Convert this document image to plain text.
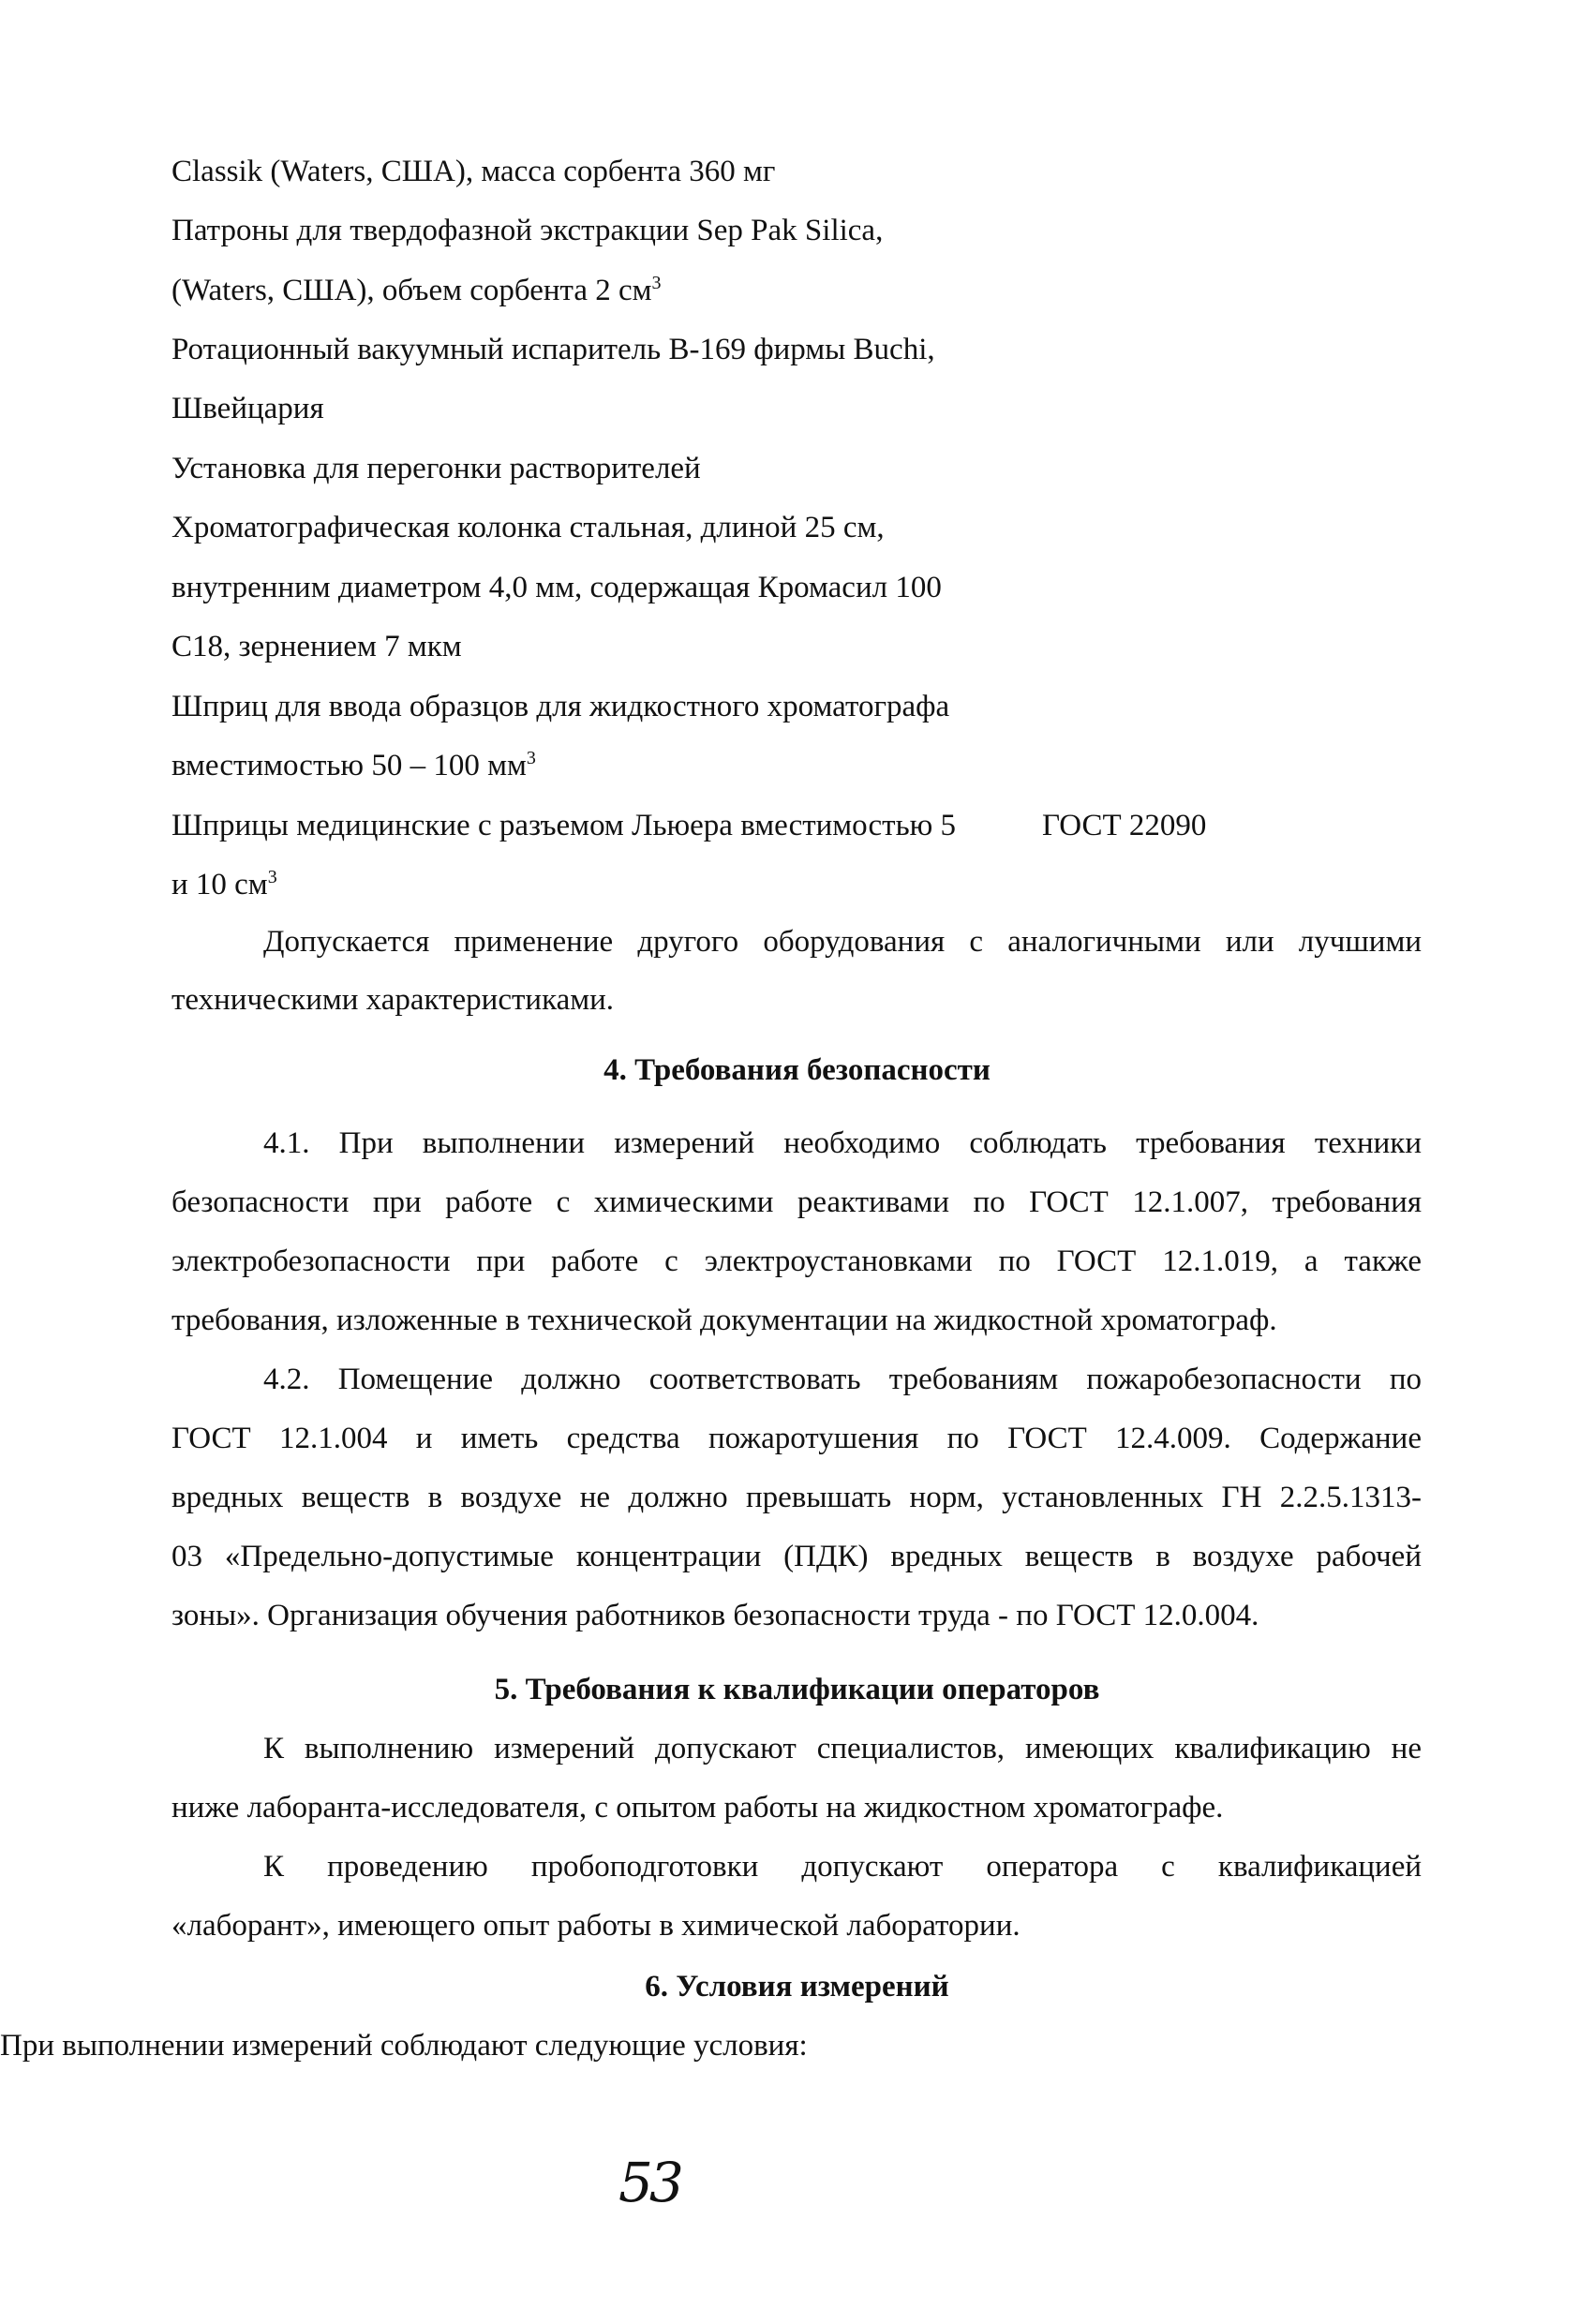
Classik (Waters, США), масса сорбента 360 мг
Патроны для твердофазной экстракции Sep Pak Silica,
(Waters, США), объем сорбента 2 $см^3$
Ротационный вакуумный испаритель В-169 фирмы Buchi,
Швейцария
Установка для перегонки растворителей
Хроматографическая колонка стальная, длиной 25 см,
внутренним диаметром 4,0 мм, содержащая Кромасил 100
С18, зернением 7 мкм
Шприц для ввода образцов для жидкостного хроматографа
вместимостью 50 – 100 $мм^3$
Шприцы медицинские с разъемом Льюера вместимостью 5	ГОСТ 22090
и 10 $см^3$
Допускается применение другого оборудования с аналогичными или лучшими
техническими характеристиками.
4. Требования безопасности
4.1. При выполнении измерений необходимо соблюдать требования техники
безопасности при работе с химическими реактивами по ГОСТ 12.1.007, требования
электробезопасности при работе с электроустановками по ГОСТ 12.1.019, а также
требования, изложенные в технической документации на жидкостной хроматограф.
4.2. Помещение должно соответствовать требованиям пожаробезопасности по
ГОСТ 12.1.004 и иметь средства пожаротушения по ГОСТ 12.4.009. Содержание
вредных веществ в воздухе не должно превышать норм, установленных ГН 2.2.5.1313-
03 «Предельно-допустимые концентрации (ПДК) вредных веществ в воздухе рабочей
зоны». Организация обучения работников безопасности труда - по ГОСТ 12.0.004.
5. Требования к квалификации операторов
К выполнению измерений допускают специалистов, имеющих квалификацию не
ниже лаборанта-исследователя, с опытом работы на жидкостном хроматографе.
К проведению пробоподготовки допускают оператора с квалификацией
«лаборант», имеющего опыт работы в химической лаборатории.
6. Условия измерений
При выполнении измерений соблюдают следующие условия:
53
